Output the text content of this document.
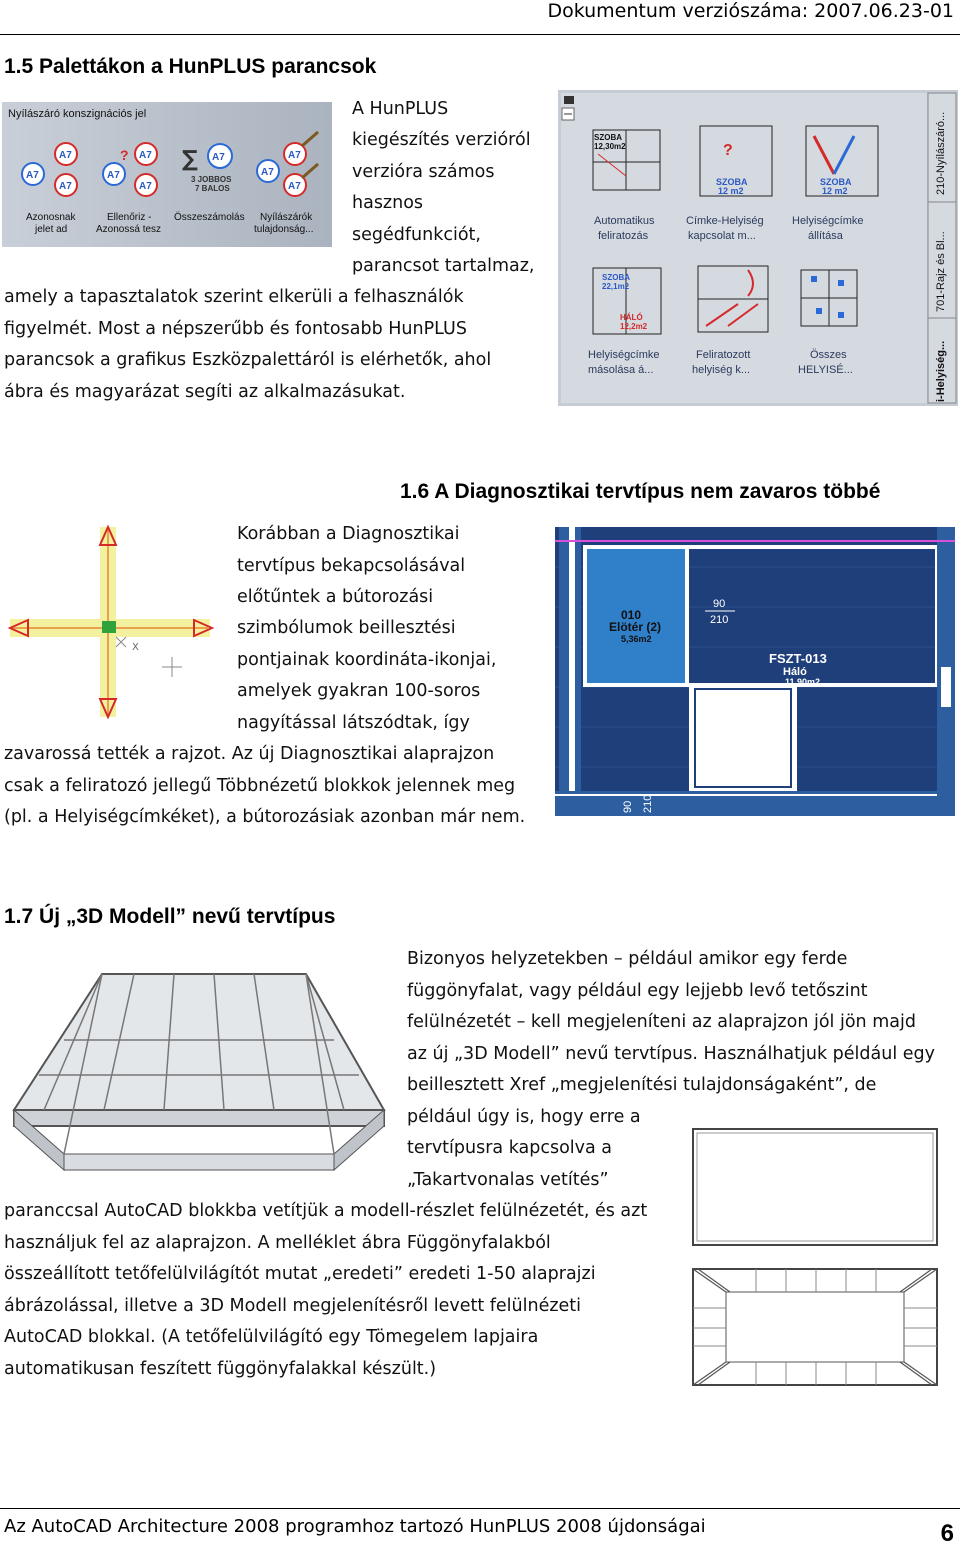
Dokumentum verziószáma: 2007.06.23-01
1.5 Palettákon a HunPLUS parancsok
Nyílászáró konszignációs jel
A7
A7
A7
? A7
A7
A7
∑ A7
3 JOBBOS
7 BALOS
A7
A7
A7
Azonosnak
jelet ad
Ellenőriz -
Azonossá tesz
Összeszámolás Nyílászárók
tulajdonság...
A HunPLUS
kiegészítés verzióról
verzióra számos
hasznos
segédfunkciót,
parancsot tartalmaz,
amely a tapasztalatok szerint elkerüli a felhasználók
figyelmét. Most a népszerűbb és fontosabb HunPLUS
parancsok a grafikus Eszközpalettáról is elérhetők, ahol
ábra és magyarázat segíti az alkalmazásukat.
210-Nyílászáró...
701-Rajz és Bl...
i-Helyiség...
SZOBA
12,30m2	?
SZOBA
12 m2
SZOBA
12 m2
Automatikus
feliratozás
Címke-Helyiség
kapcsolat m...
Helyiségcímke
állítása
SZOBA
22,1m2
HÁLÓ
12,2m2
Helyiségcímke
másolása á...
Feliratozott
helyiség k...
Összes
HELYISÉ...
1.6 A Diagnosztikai tervtípus nem zavaros többé
X
Korábban a Diagnosztikai
tervtípus bekapcsolásával
előtűntek a bútorozási
szimbólumok beillesztési
pontjainak koordináta-ikonjai,
amelyek gyakran 100-soros
nagyítással látszódtak, így
zavarossá tették a rajzot. Az új Diagnosztikai alaprajzon
csak a feliratozó jellegű Többnézetű blokkok jelennek meg
(pl. a Helyiségcímkéket), a bútorozásiak azonban már nem.
010
Elötér (2)
5,36m2
90
210
90
210
90 210
FSZT-013
Háló
11,90m2
1.7 Új „3D Modell” nevű tervtípus
Bizonyos helyzetekben – például amikor egy ferde
függönyfalat, vagy például egy lejjebb levő tetőszint
felülnézetét – kell megjeleníteni az alaprajzon jól jön majd
az új „3D Modell” nevű tervtípus. Használhatjuk például egy
beillesztett Xref „megjelenítési tulajdonságaként”, de
például úgy is, hogy erre a
tervtípusra kapcsolva a
„Takartvonalas vetítés”
paranccsal AutoCAD blokkba vetítjük a modell-részlet felülnézetét, és azt
használjuk fel az alaprajzon. A melléklet ábra Függönyfalakból
összeállított tetőfelülvilágítót mutat „eredeti” eredeti 1-50 alaprajzi
ábrázolással, illetve a 3D Modell megjelenítésről levett felülnézeti
AutoCAD blokkal. (A tetőfelülvilágító egy Tömegelem lapjaira
automatikusan feszített függönyfalakkal készült.)
Az AutoCAD Architecture 2008 programhoz tartozó HunPLUS 2008 újdonságai	6
